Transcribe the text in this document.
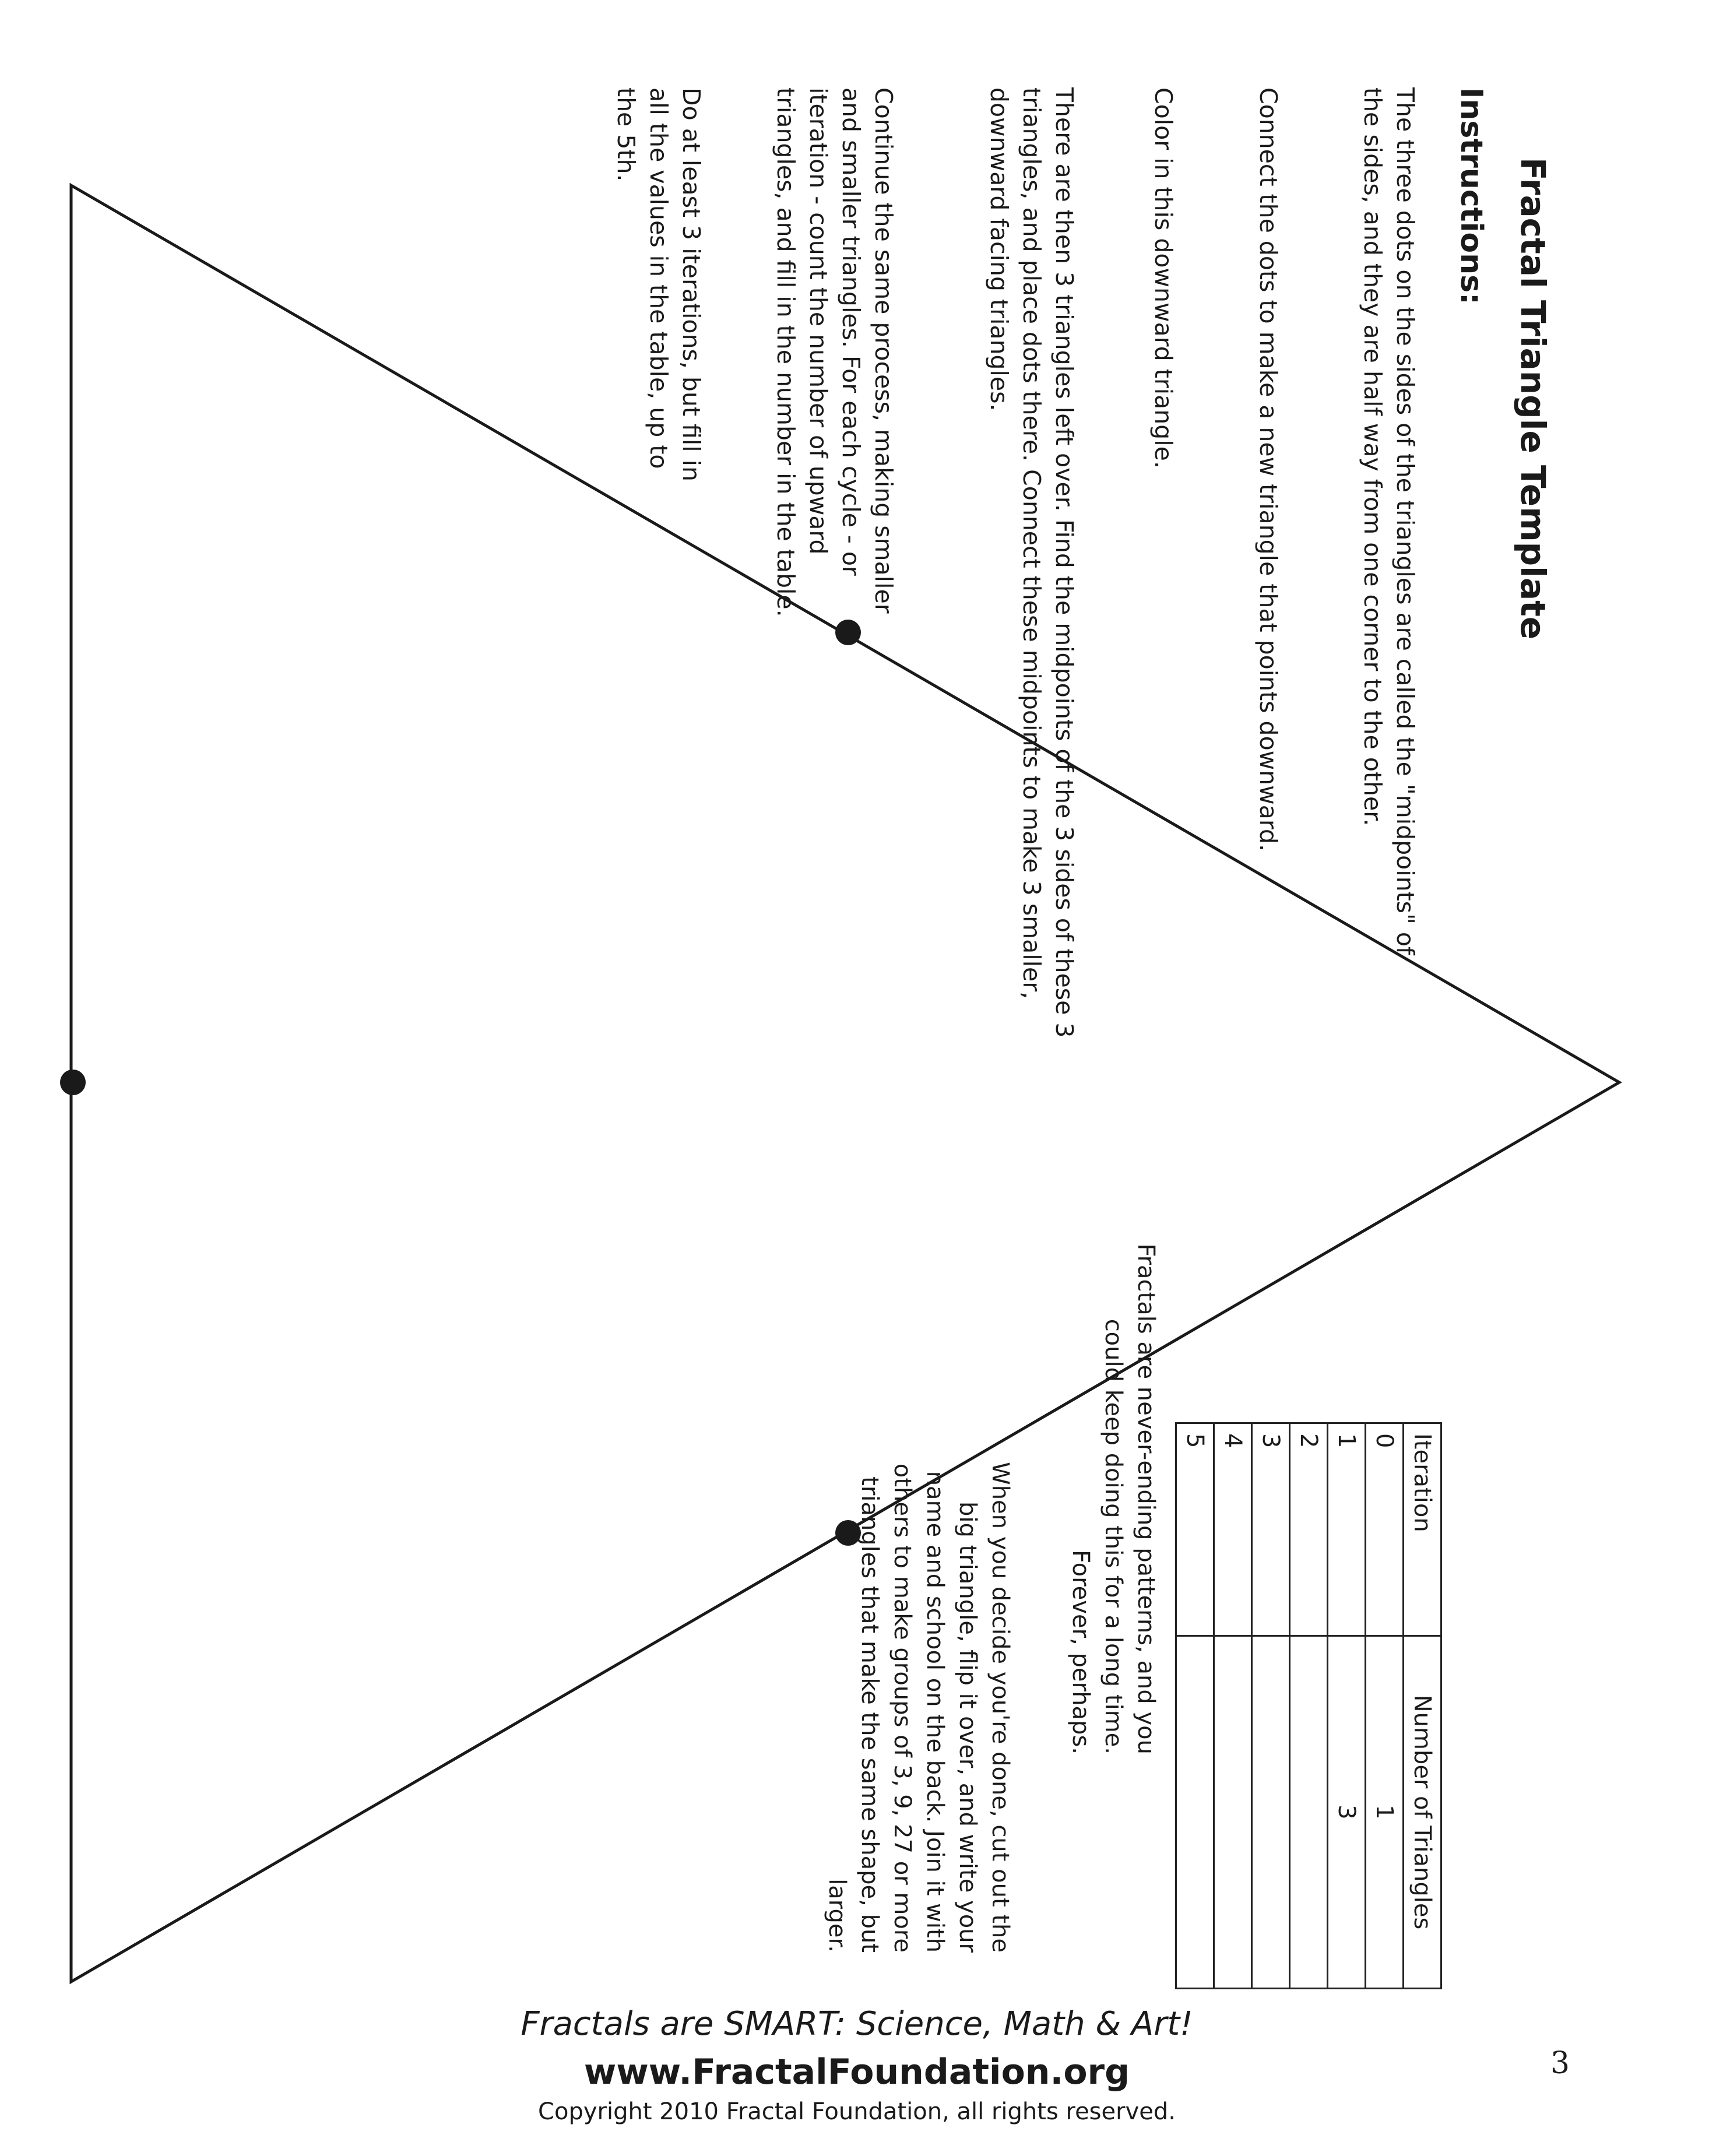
Fractal Triangle Template
Instructions:
The three dots on the sides of the triangles are called the "midpoints" of the sides, and they are half way from one corner to the other.
Connect the dots to make a new triangle that points downward.
Color in this downward triangle.
There are then 3 triangles left over. Find the midpoints of the 3 sides of these 3 triangles, and place dots there. Connect these midpoints to make 3 smaller, downward facing triangles.
Continue the same process, making smaller and smaller triangles. For each cycle - or iteration - count the number of upward triangles, and fill in the number in the table.
Do at least 3 iterations, but fill in all the values in the table, up to the 5th.
Iteration	Number of Triangles
0	1
1	3
2	
3	
4	
5	
Fractals are never-ending patterns, and you could keep doing this for a long time. Forever, perhaps.
When you decide you're done, cut out the big triangle, flip it over, and write your name and school on the back. Join it with others to make groups of 3, 9, 27 or more triangles that make the same shape, but larger.
Fractals are SMART: Science, Math & Art!
www.FractalFoundation.org
Copyright 2010 Fractal Foundation, all rights reserved.
3
